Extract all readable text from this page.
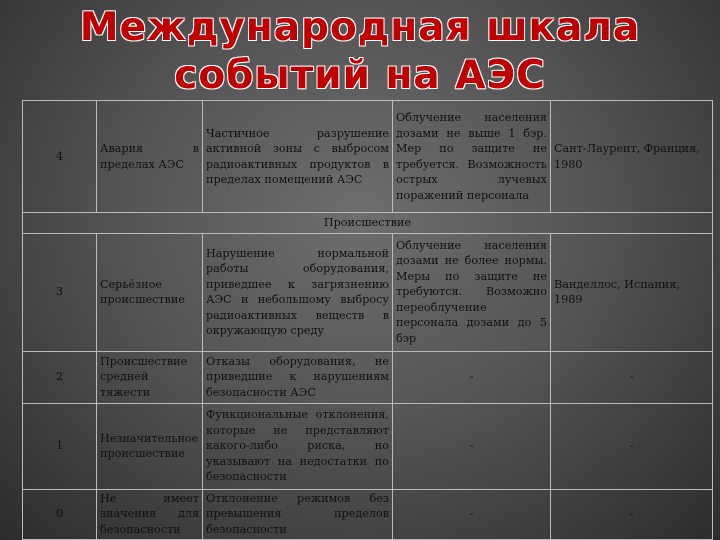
Международная шкала
событий на АЭС
4	Авария в пределах АЭС	Частичное разрушение активной зоны с выбросом радиоактивных продуктов в пределах помещений АЭС	Облучение населения дозами не выше 1 бэр. Мер по защите не требуется. Возможность острых лучевых поражений персонала	Сант-Лаурент, Франция, 1980
Происшествие				
3	Серьёзное происшествие	Нарушение нормальной работы оборудования, приведшее к загрязнению АЭС и небольшому выбросу радиоактивных веществ в окружающую среду	Облучение населения дозами не более нормы. Меры по защите не требуются. Возможно переоблучение персонала дозами до 5 бэр	Ванделлос, Испания, 1989
2	Происшествие средней тяжести	Отказы оборудования, не приведшие к нарушениям безопасности АЭС	-	-
1	Незначительное происшествие	Функциональные отклонения, которые не представляют какого-либо риска, но указывают на недостатки по безопасности	-	-
0	Не имеет значения для безопасности	Отклонение режимов без превышения пределов безопасности	-	-
